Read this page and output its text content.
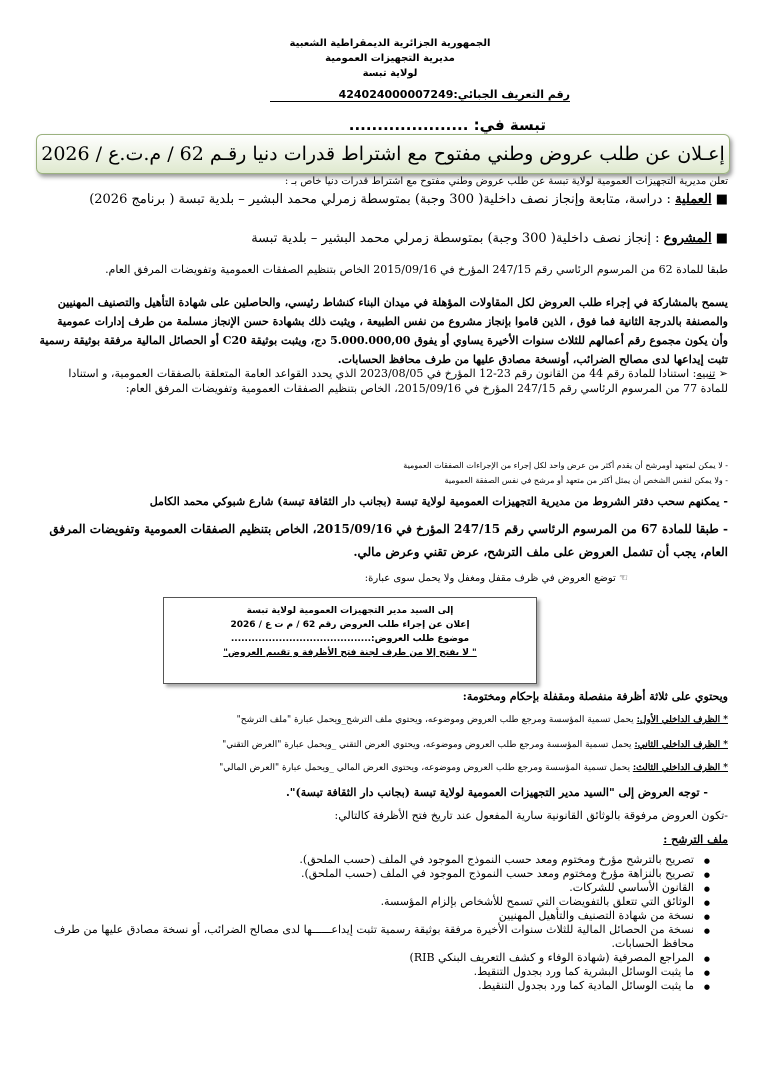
الجمهورية الجزائرية الديمقراطية الشعبية
مديرية التجهيزات العمومية
لولاية تبسة
رقم التعريف الجبائي:424024000007249
تبسة في: .....................
إعـلان عن طلب عروض وطني مفتوح مع اشتراط قدرات دنيا رقـم 62 / م.ت.ع / 2026
تعلن مديرية التجهيزات العمومية لولاية تبسة عن طلب عروض وطني مفتوح مع اشتراط قدرات دنيا خاص بـ :
■ العملية : دراسة، متابعة وإنجاز نصف داخلية( 300 وجبة) بمتوسطة زمرلي محمد البشير – بلدية تبسة ( برنامج 2026)
■ المشروع : إنجاز نصف داخلية( 300 وجبة) بمتوسطة زمرلي محمد البشير – بلدية تبسة
طبقا للمادة 62 من المرسوم الرئاسي رقم 247/15 المؤرخ في 2015/09/16 الخاص بتنظيم الصفقات العمومية وتفويضات المرفق العام.
يسمح بالمشاركة في إجراء طلب العروض لكل المقاولات المؤهلة في ميدان البناء كنشاط رئيسي، والحاصلين على شهادة التأهيل والتصنيف المهنيين والمصنفة بالدرجة الثانية فما فوق ، الذين قاموا بإنجاز مشروع من نفس الطبيعة ، ويثبت ذلك بشهادة حسن الإنجاز مسلمة من طرف إدارات عمومية وأن يكون مجموع رقم أعمالهم للثلاث سنوات الأخيرة يساوي أو يفوق 5.000.000,00 دج، ويثبت بوثيقة C20 أو الحصائل المالية مرفقة بوثيقة رسمية تثبت إيداعها لدى مصالح الضرائب، أونسخة مصادق عليها من طرف محافظ الحسابات.
➢ تنبيه: استنادا للمادة رقم 44 من القانون رقم 23-12 المؤرخ في 2023/08/05 الذي يحدد القواعد العامة المتعلقة بالصفقات العمومية، و استنادا للمادة 77 من المرسوم الرئاسي رقم 247/15 المؤرخ في 2015/09/16، الخاص بتنظيم الصفقات العمومية وتفويضات المرفق العام:
- لا يمكن لمتعهد أومرشح أن يقدم أكثر من عرض واحد لكل إجراء من الإجراءات الصفقات العمومية
- ولا يمكن لنفس الشخص أن يمثل أكثر من متعهد أو مرشح في نفس الصفقة العمومية
- يمكنهم سحب دفتر الشروط من مديرية التجهيزات العمومية لولاية تبسة (بجانب دار الثقافة تبسة) شارع شبوكي محمد الكامل
- طبقا للمادة 67 من المرسوم الرئاسي رقم 247/15 المؤرخ في 2015/09/16، الخاص بتنظيم الصفقات العمومية وتفويضات المرفق العام، يجب أن تشمل العروض على ملف الترشح، عرض تقني وعرض مالي.
☜ توضع العروض في ظرف مقفل ومغفل ولا يحمل سوى عبارة:
إلى السيد مدير التجهيزات العمومية لولاية تبسة
إعلان عن إجراء طلب العروض رقم 62 / م ت ع / 2026
موضوع طلب العروض:.........................................
" لا يفتح إلا من طرف لجنة فتح الأظرفة و تقييم العروض"
ويحتوي على ثلاثة أظرفة منفصلة ومقفلة بإحكام ومختومة:
* الظرف الداخلي الأول: يحمل تسمية المؤسسة ومرجع طلب العروض وموضوعه، ويحتوي ملف الترشح_ويحمل عبارة "ملف الترشح"
* الظرف الداخلي الثاني: يحمل تسمية المؤسسة ومرجع طلب العروض وموضوعه، ويحتوي العرض التقني _ويحمل عبارة "العرض التقني"
* الظرف الداخلي الثالث: يحمل تسمية المؤسسة ومرجع طلب العروض وموضوعه، ويحتوي العرض المالي _ويحمل عبارة "العرض المالي"
- توجه العروض إلى "السيد مدير التجهيزات العمومية لولاية تبسة (بجانب دار الثقافة تبسة)".
-تكون العروض مرفوقة بالوثائق القانونية سارية المفعول عند تاريخ فتح الأظرفة كالتالي:
ملف الترشح :
● تصريح بالترشح مؤرخ ومختوم ومعد حسب النموذج الموجود في الملف (حسب الملحق).
● تصريح بالنزاهة مؤرخ ومختوم ومعد حسب النموذج الموجود في الملف (حسب الملحق).
● القانون الأساسي للشركات.
● الوثائق التي تتعلق بالتفويضات التي تسمح للأشخاص بإلزام المؤسسة.
● نسخة من شهادة التصنيف والتأهيل المهنيين
● نسخة من الحصائل المالية للثلاث سنوات الأخيرة مرفقة بوثيقة رسمية تثبت إيداعــــــها لدى مصالح الضرائب، أو نسخة مصادق عليها من طرف محافظ الحسابات.
● المراجع المصرفية (شهادة الوفاء و كشف التعريف البنكي RIB)
● ما يثبت الوسائل البشرية كما ورد بجدول التنقيط.
● ما يثبت الوسائل المادية كما ورد بجدول التنقيط.
